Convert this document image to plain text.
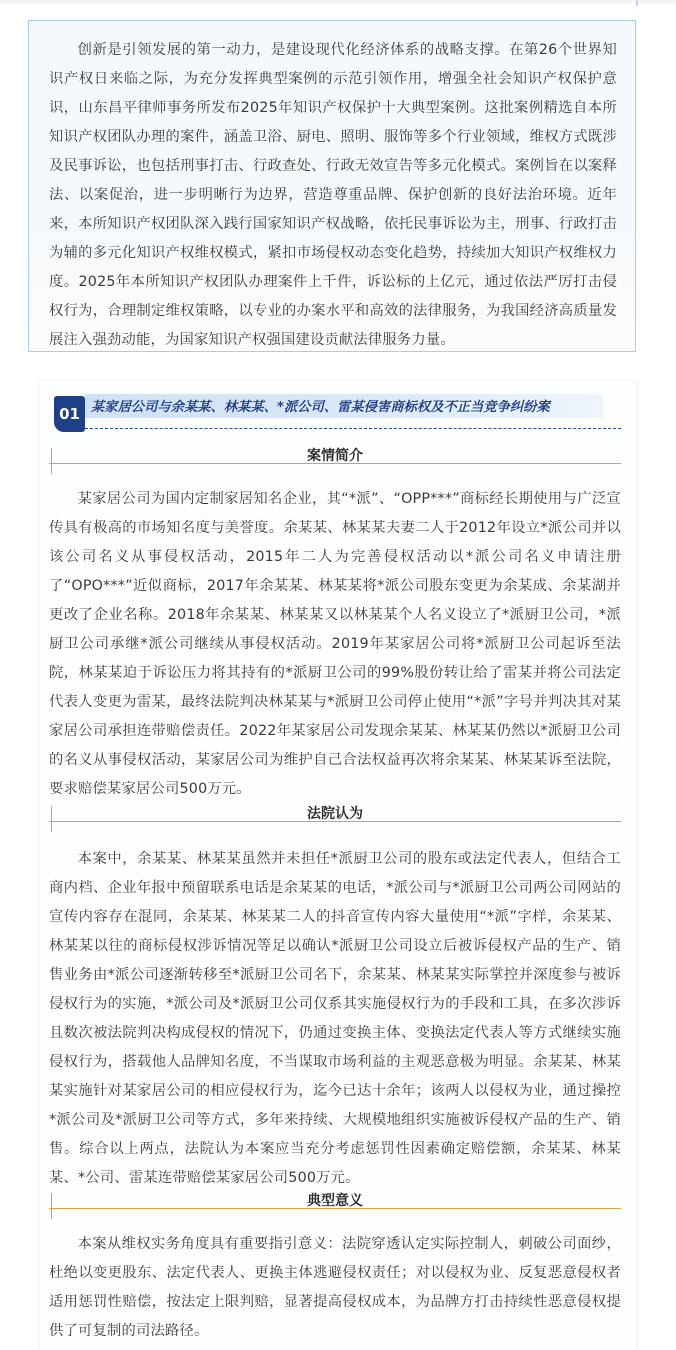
创新是引领发展的第一动力，是建设现代化经济体系的战略支撑。在第26个世界知识产权日来临之际，为充分发挥典型案例的示范引领作用，增强全社会知识产权保护意识，山东昌平律师事务所发布2025年知识产权保护十大典型案例。这批案例精选自本所知识产权团队办理的案件，涵盖卫浴、厨电、照明、服饰等多个行业领域，维权方式既涉及民事诉讼，也包括刑事打击、行政查处、行政无效宣告等多元化模式。案例旨在以案释法、以案促治，进一步明晰行为边界，营造尊重品牌、保护创新的良好法治环境。近年来，本所知识产权团队深入践行国家知识产权战略，依托民事诉讼为主，刑事、行政打击为辅的多元化知识产权维权模式，紧扣市场侵权动态变化趋势，持续加大知识产权维权力度。2025年本所知识产权团队办理案件上千件，诉讼标的上亿元，通过依法严厉打击侵权行为，合理制定维权策略，以专业的办案水平和高效的法律服务，为我国经济高质量发展注入强劲动能，为国家知识产权强国建设贡献法律服务力量。

01 某家居公司与余某某、林某某、*派公司、雷某侵害商标权及不正当竞争纠纷案
案情简介

某家居公司为国内定制家居知名企业，其“*派”、“OPP***”商标经长期使用与广泛宣传具有极高的市场知名度与美誉度。余某某、林某某夫妻二人于2012年设立*派公司并以该公司名义从事侵权活动，2015年二人为完善侵权活动以*派公司名义申请注册了“OPO***”近似商标，2017年余某某、林某某将*派公司股东变更为余某成、余某湖并更改了企业名称。2018年余某某、林某某又以林某某个人名义设立了*派厨卫公司，*派厨卫公司承继*派公司继续从事侵权活动。2019年某家居公司将*派厨卫公司起诉至法院，林某某迫于诉讼压力将其持有的*派厨卫公司的99%股份转让给了雷某并将公司法定代表人变更为雷某，最终法院判决林某某与*派厨卫公司停止使用“*派”字号并判决其对某家居公司承担连带赔偿责任。2022年某家居公司发现余某某、林某某仍然以*派厨卫公司的名义从事侵权活动，某家居公司为维护自己合法权益再次将余某某、林某某诉至法院，要求赔偿某家居公司500万元。

法院认为

本案中，余某某、林某某虽然并未担任*派厨卫公司的股东或法定代表人，但结合工商内档、企业年报中预留联系电话是余某某的电话，*派公司与*派厨卫公司两公司网站的宣传内容存在混同，余某某、林某某二人的抖音宣传内容大量使用“*派”字样，余某某、林某某以往的商标侵权涉诉情况等足以确认*派厨卫公司设立后被诉侵权产品的生产、销售业务由*派公司逐渐转移至*派厨卫公司名下，余某某、林某某实际掌控并深度参与被诉侵权行为的实施，*派公司及*派厨卫公司仅系其实施侵权行为的手段和工具，在多次涉诉且数次被法院判决构成侵权的情况下，仍通过变换主体、变换法定代表人等方式继续实施侵权行为，搭载他人品牌知名度，不当谋取市场利益的主观恶意极为明显。余某某、林某某实施针对某家居公司的相应侵权行为，迄今已达十余年；该两人以侵权为业，通过操控*派公司及*派厨卫公司等方式，多年来持续、大规模地组织实施被诉侵权产品的生产、销售。综合以上两点，法院认为本案应当充分考虑惩罚性因素确定赔偿额，余某某、林某某、*公司、雷某连带赔偿某家居公司500万元。

典型意义

本案从维权实务角度具有重要指引意义：法院穿透认定实际控制人，刺破公司面纱，杜绝以变更股东、法定代表人、更换主体逃避侵权责任；对以侵权为业、反复恶意侵权者适用惩罚性赔偿，按法定上限判赔，显著提高侵权成本，为品牌方打击持续性恶意侵权提供了可复制的司法路径。
